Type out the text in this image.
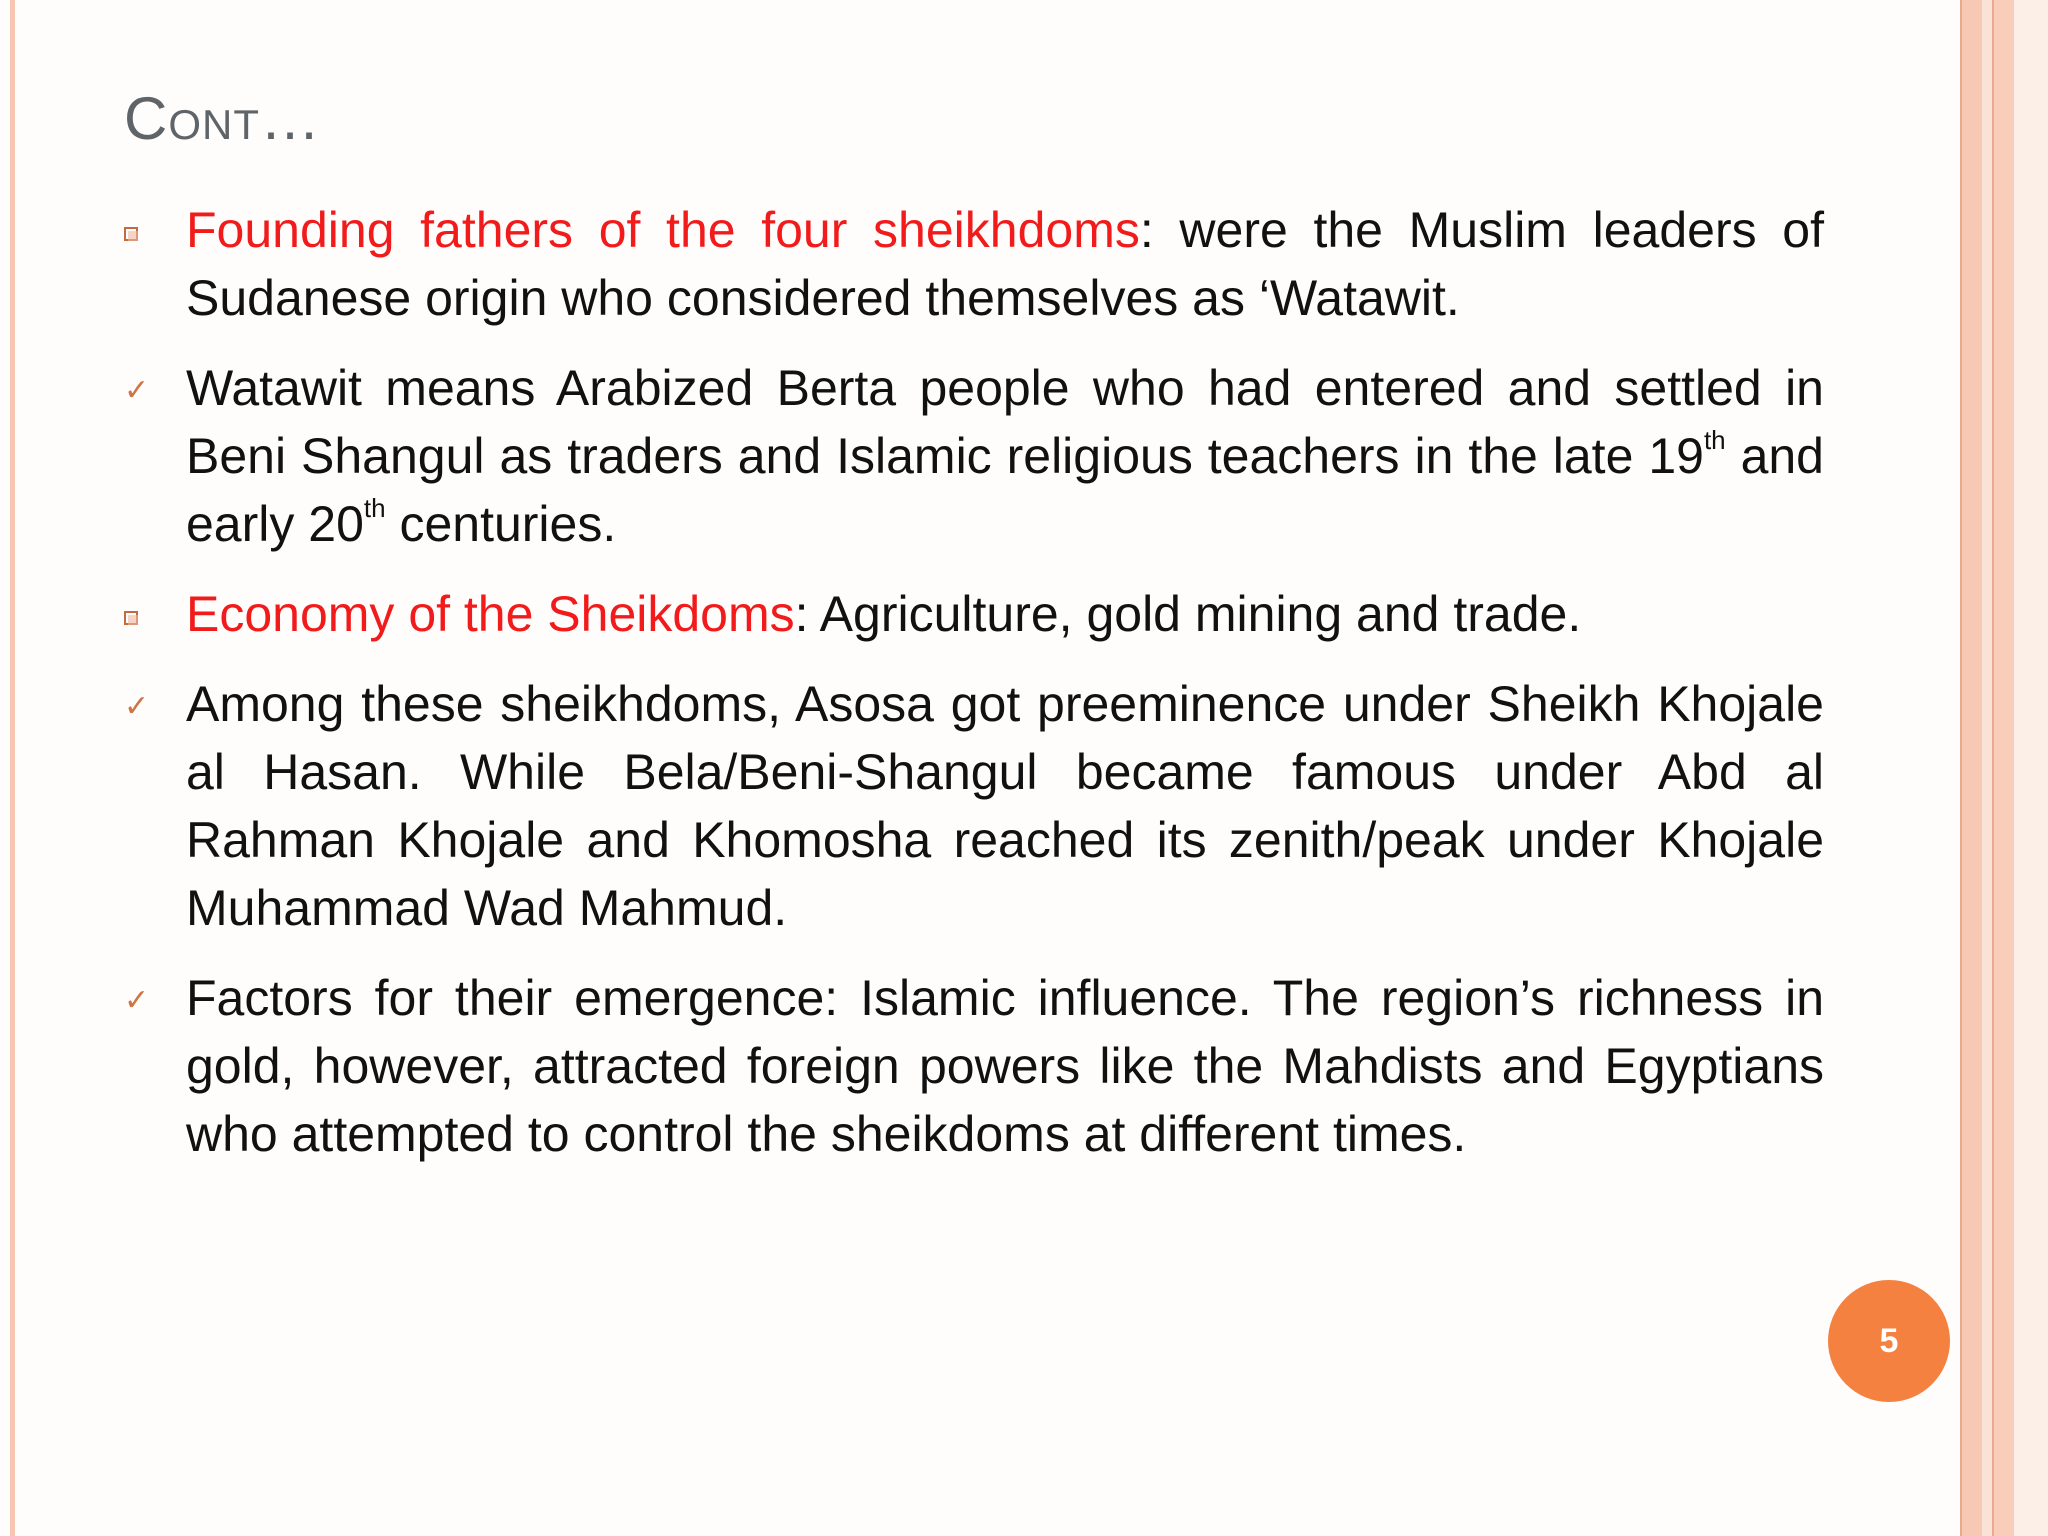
Cont…
Founding fathers of the four sheikhdoms: were the Muslim leaders of Sudanese origin who considered themselves as ‘Watawit.
✓ Watawit means Arabized Berta people who had entered and settled in Beni Shangul as traders and Islamic religious teachers in the late 19th and early 20th centuries.
Economy of the Sheikdoms: Agriculture, gold mining and trade.
✓ Among these sheikhdoms, Asosa got preeminence under Sheikh Khojale al Hasan. While Bela/Beni-Shangul became famous under Abd al Rahman Khojale and Khomosha reached its zenith/peak under Khojale Muhammad Wad Mahmud.
✓ Factors for their emergence: Islamic influence. The region’s richness in gold, however, attracted foreign powers like the Mahdists and Egyptians who attempted to control the sheikdoms at different times.
5
